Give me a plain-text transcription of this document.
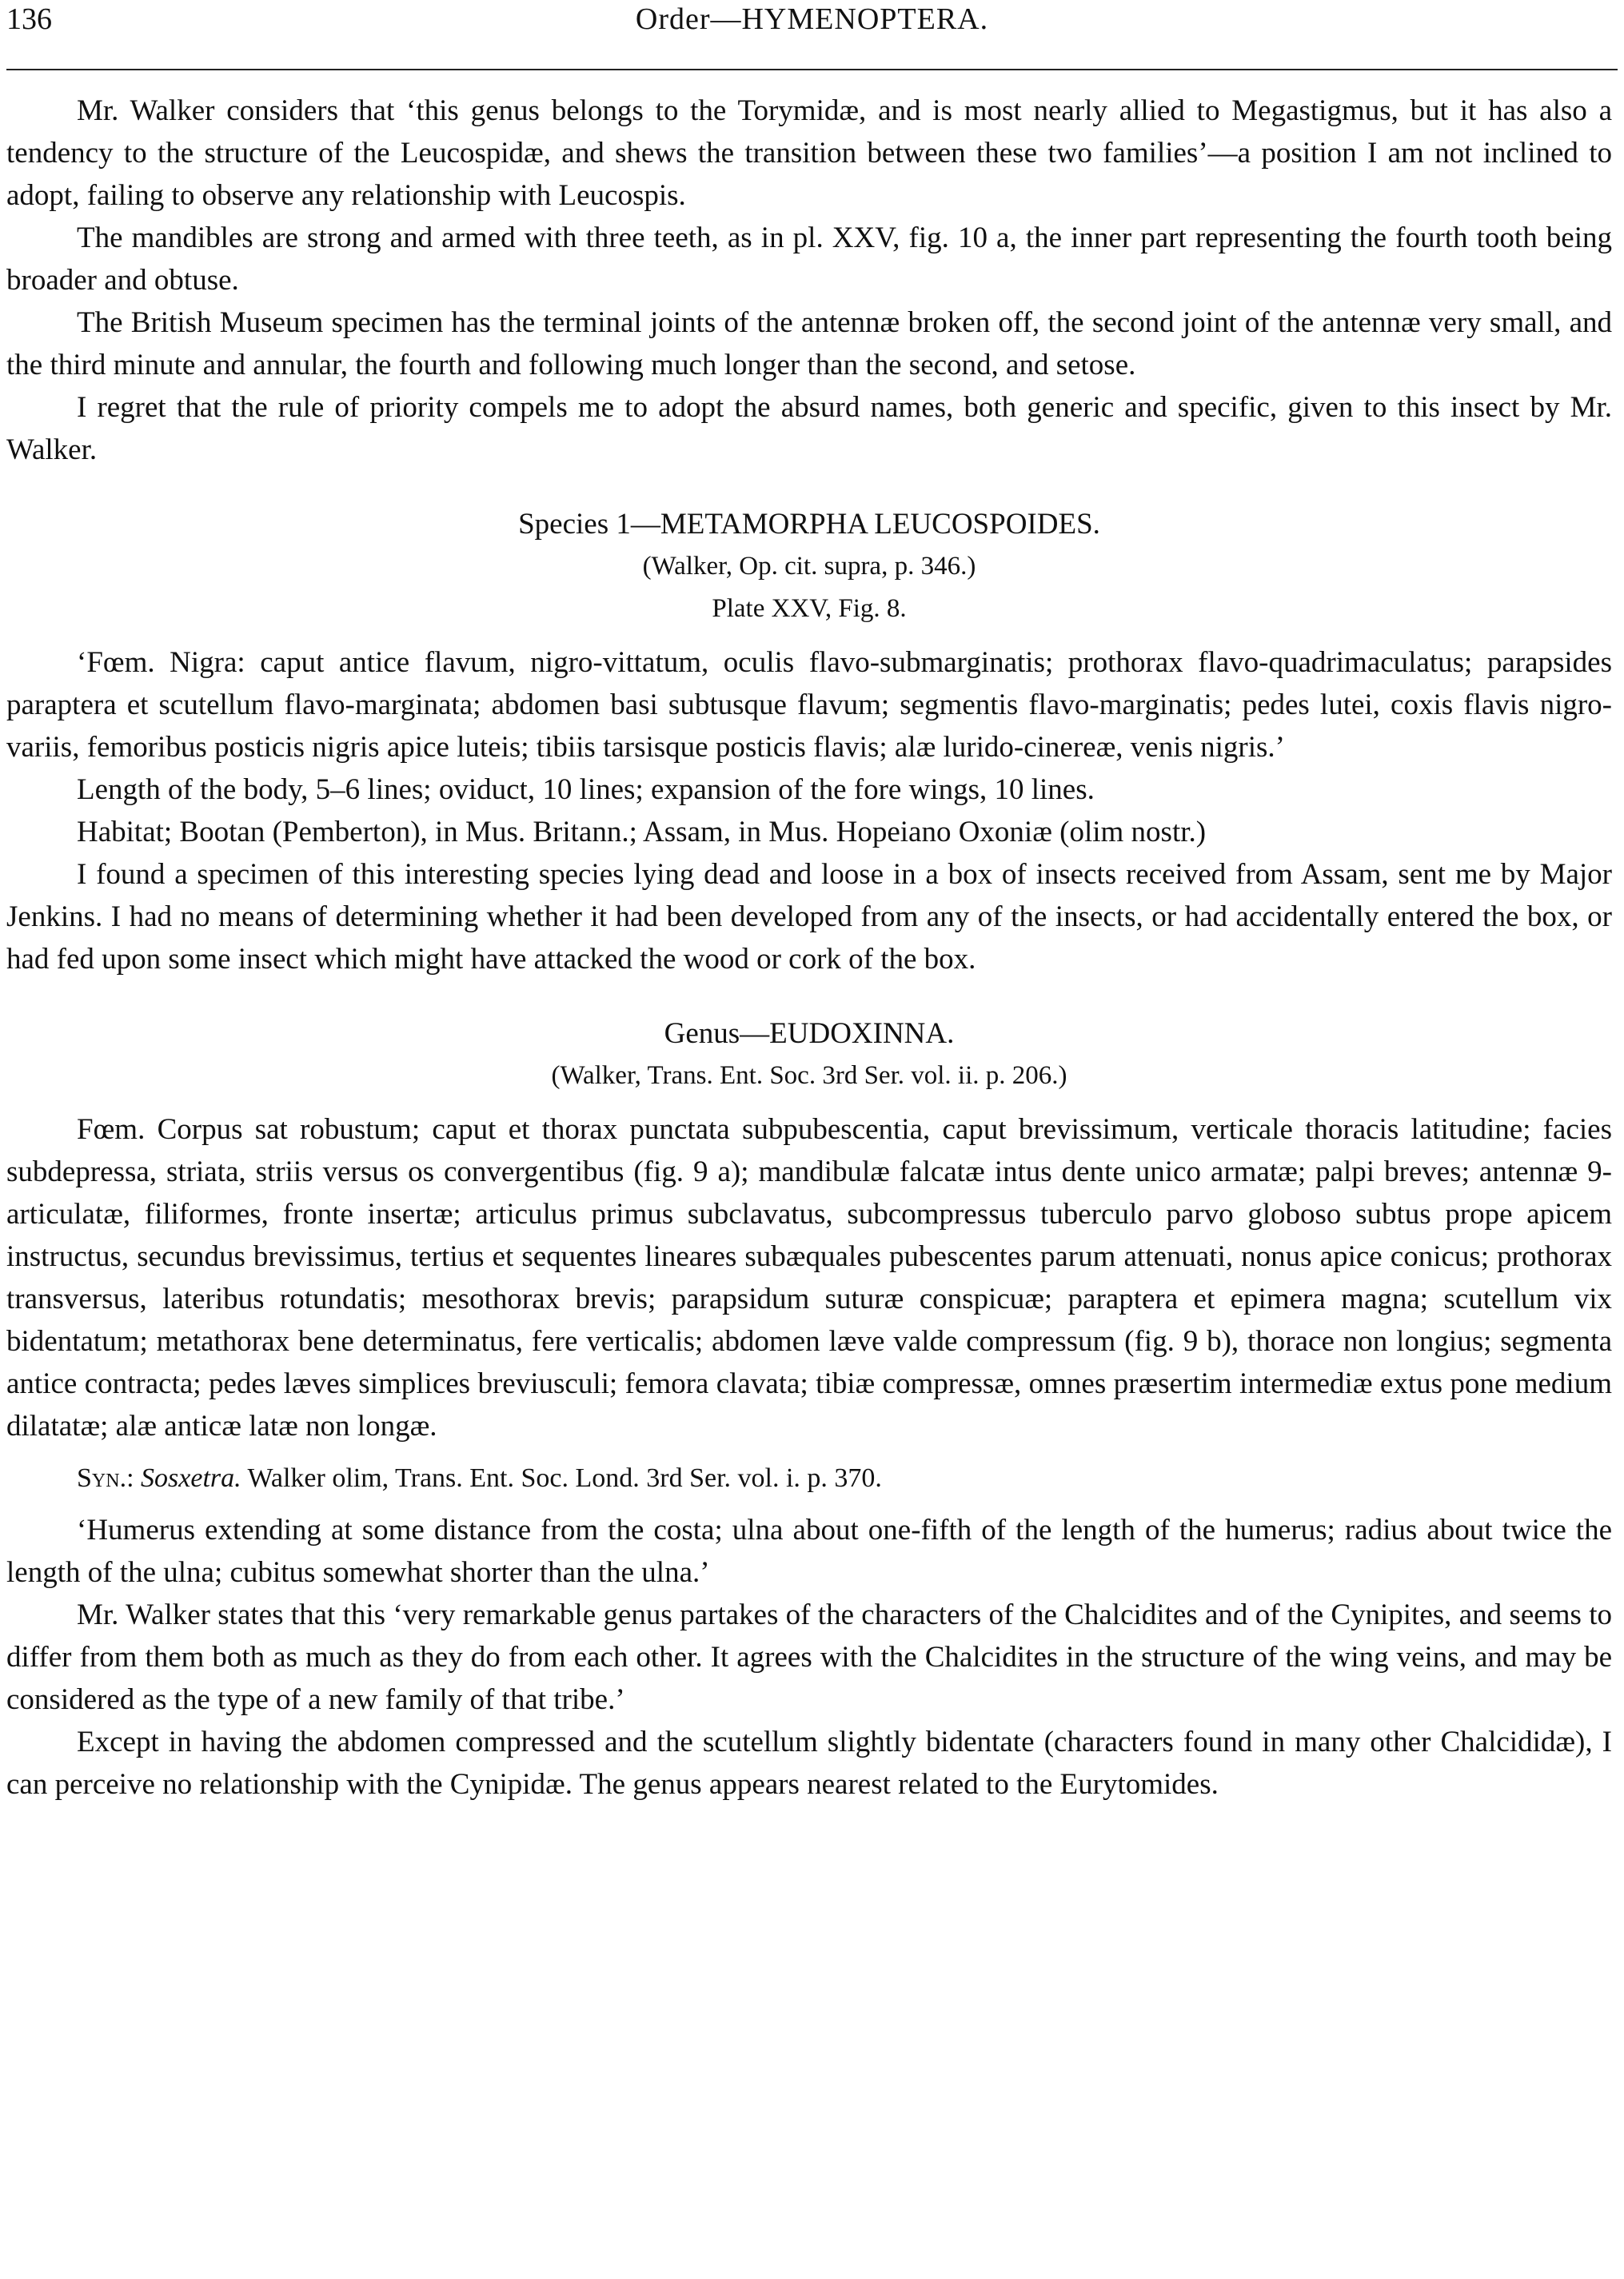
136	Order—HYMENOPTERA.

Mr. Walker considers that ‘this genus belongs to the Torymidæ, and is most nearly allied to Megastigmus, but it has also a tendency to the structure of the Leucospidæ, and shews the transition between these two families’—a position I am not inclined to adopt, failing to observe any relationship with Leucospis.

The mandibles are strong and armed with three teeth, as in pl. XXV, fig. 10 a, the inner part representing the fourth tooth being broader and obtuse.

The British Museum specimen has the terminal joints of the antennæ broken off, the second joint of the antennæ very small, and the third minute and annular, the fourth and following much longer than the second, and setose.

I regret that the rule of priority compels me to adopt the absurd names, both generic and specific, given to this insect by Mr. Walker.

Species 1—METAMORPHA LEUCOSPOIDES.

(Walker, Op. cit. supra, p. 346.)

Plate XXV, Fig. 8.

‘Fœm. Nigra: caput antice flavum, nigro-vittatum, oculis flavo-submarginatis; prothorax flavo-quadrimaculatus; parapsides paraptera et scutellum flavo-marginata; abdomen basi subtusque flavum; segmentis flavo-marginatis; pedes lutei, coxis flavis nigro-variis, femoribus posticis nigris apice luteis; tibiis tarsisque posticis flavis; alæ lurido-cinereæ, venis nigris.’

Length of the body, 5–6 lines; oviduct, 10 lines; expansion of the fore wings, 10 lines.

Habitat; Bootan (Pemberton), in Mus. Britann.; Assam, in Mus. Hopeiano Oxoniæ (olim nostr.)

I found a specimen of this interesting species lying dead and loose in a box of insects received from Assam, sent me by Major Jenkins. I had no means of determining whether it had been developed from any of the insects, or had accidentally entered the box, or had fed upon some insect which might have attacked the wood or cork of the box.

Genus—EUDOXINNA.

(Walker, Trans. Ent. Soc. 3rd Ser. vol. ii. p. 206.)

Fœm. Corpus sat robustum; caput et thorax punctata subpubescentia, caput brevissimum, verticale thoracis latitudine; facies subdepressa, striata, striis versus os convergentibus (fig. 9 a); mandibulæ falcatæ intus dente unico armatæ; palpi breves; antennæ 9-articulatæ, filiformes, fronte insertæ; articulus primus subclavatus, subcompressus tuberculo parvo globoso subtus prope apicem instructus, secundus brevissimus, tertius et sequentes lineares subæquales pubescentes parum attenuati, nonus apice conicus; prothorax transversus, lateribus rotundatis; mesothorax brevis; parapsidum suturæ conspicuæ; paraptera et epimera magna; scutellum vix bidentatum; metathorax bene determinatus, fere verticalis; abdomen læve valde compressum (fig. 9 b), thorace non longius; segmenta antice contracta; pedes læves simplices breviusculi; femora clavata; tibiæ compressæ, omnes præsertim intermediæ extus pone medium dilatatæ; alæ anticæ latæ non longæ.

Syn.: Sosxetra. Walker olim, Trans. Ent. Soc. Lond. 3rd Ser. vol. i. p. 370.

‘Humerus extending at some distance from the costa; ulna about one-fifth of the length of the humerus; radius about twice the length of the ulna; cubitus somewhat shorter than the ulna.’

Mr. Walker states that this ‘very remarkable genus partakes of the characters of the Chalcidites and of the Cynipites, and seems to differ from them both as much as they do from each other. It agrees with the Chalcidites in the structure of the wing veins, and may be considered as the type of a new family of that tribe.’

Except in having the abdomen compressed and the scutellum slightly bidentate (characters found in many other Chalcididæ), I can perceive no relationship with the Cynipidæ. The genus appears nearest related to the Eurytomides.
